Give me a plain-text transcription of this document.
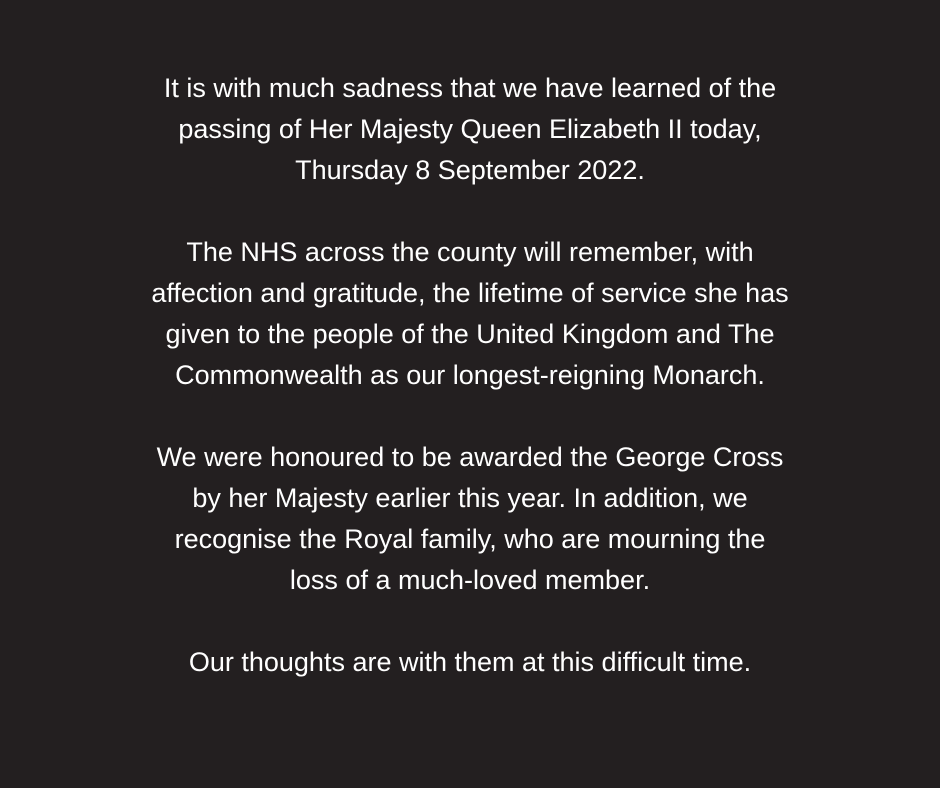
It is with much sadness that we have learned of the
passing of Her Majesty Queen Elizabeth II today,
Thursday 8 September 2022.

The NHS across the county will remember, with
affection and gratitude, the lifetime of service she has
given to the people of the United Kingdom and The
Commonwealth as our longest-reigning Monarch.

We were honoured to be awarded the George Cross
by her Majesty earlier this year. In addition, we
recognise the Royal family, who are mourning the
loss of a much-loved member.

Our thoughts are with them at this difficult time.
